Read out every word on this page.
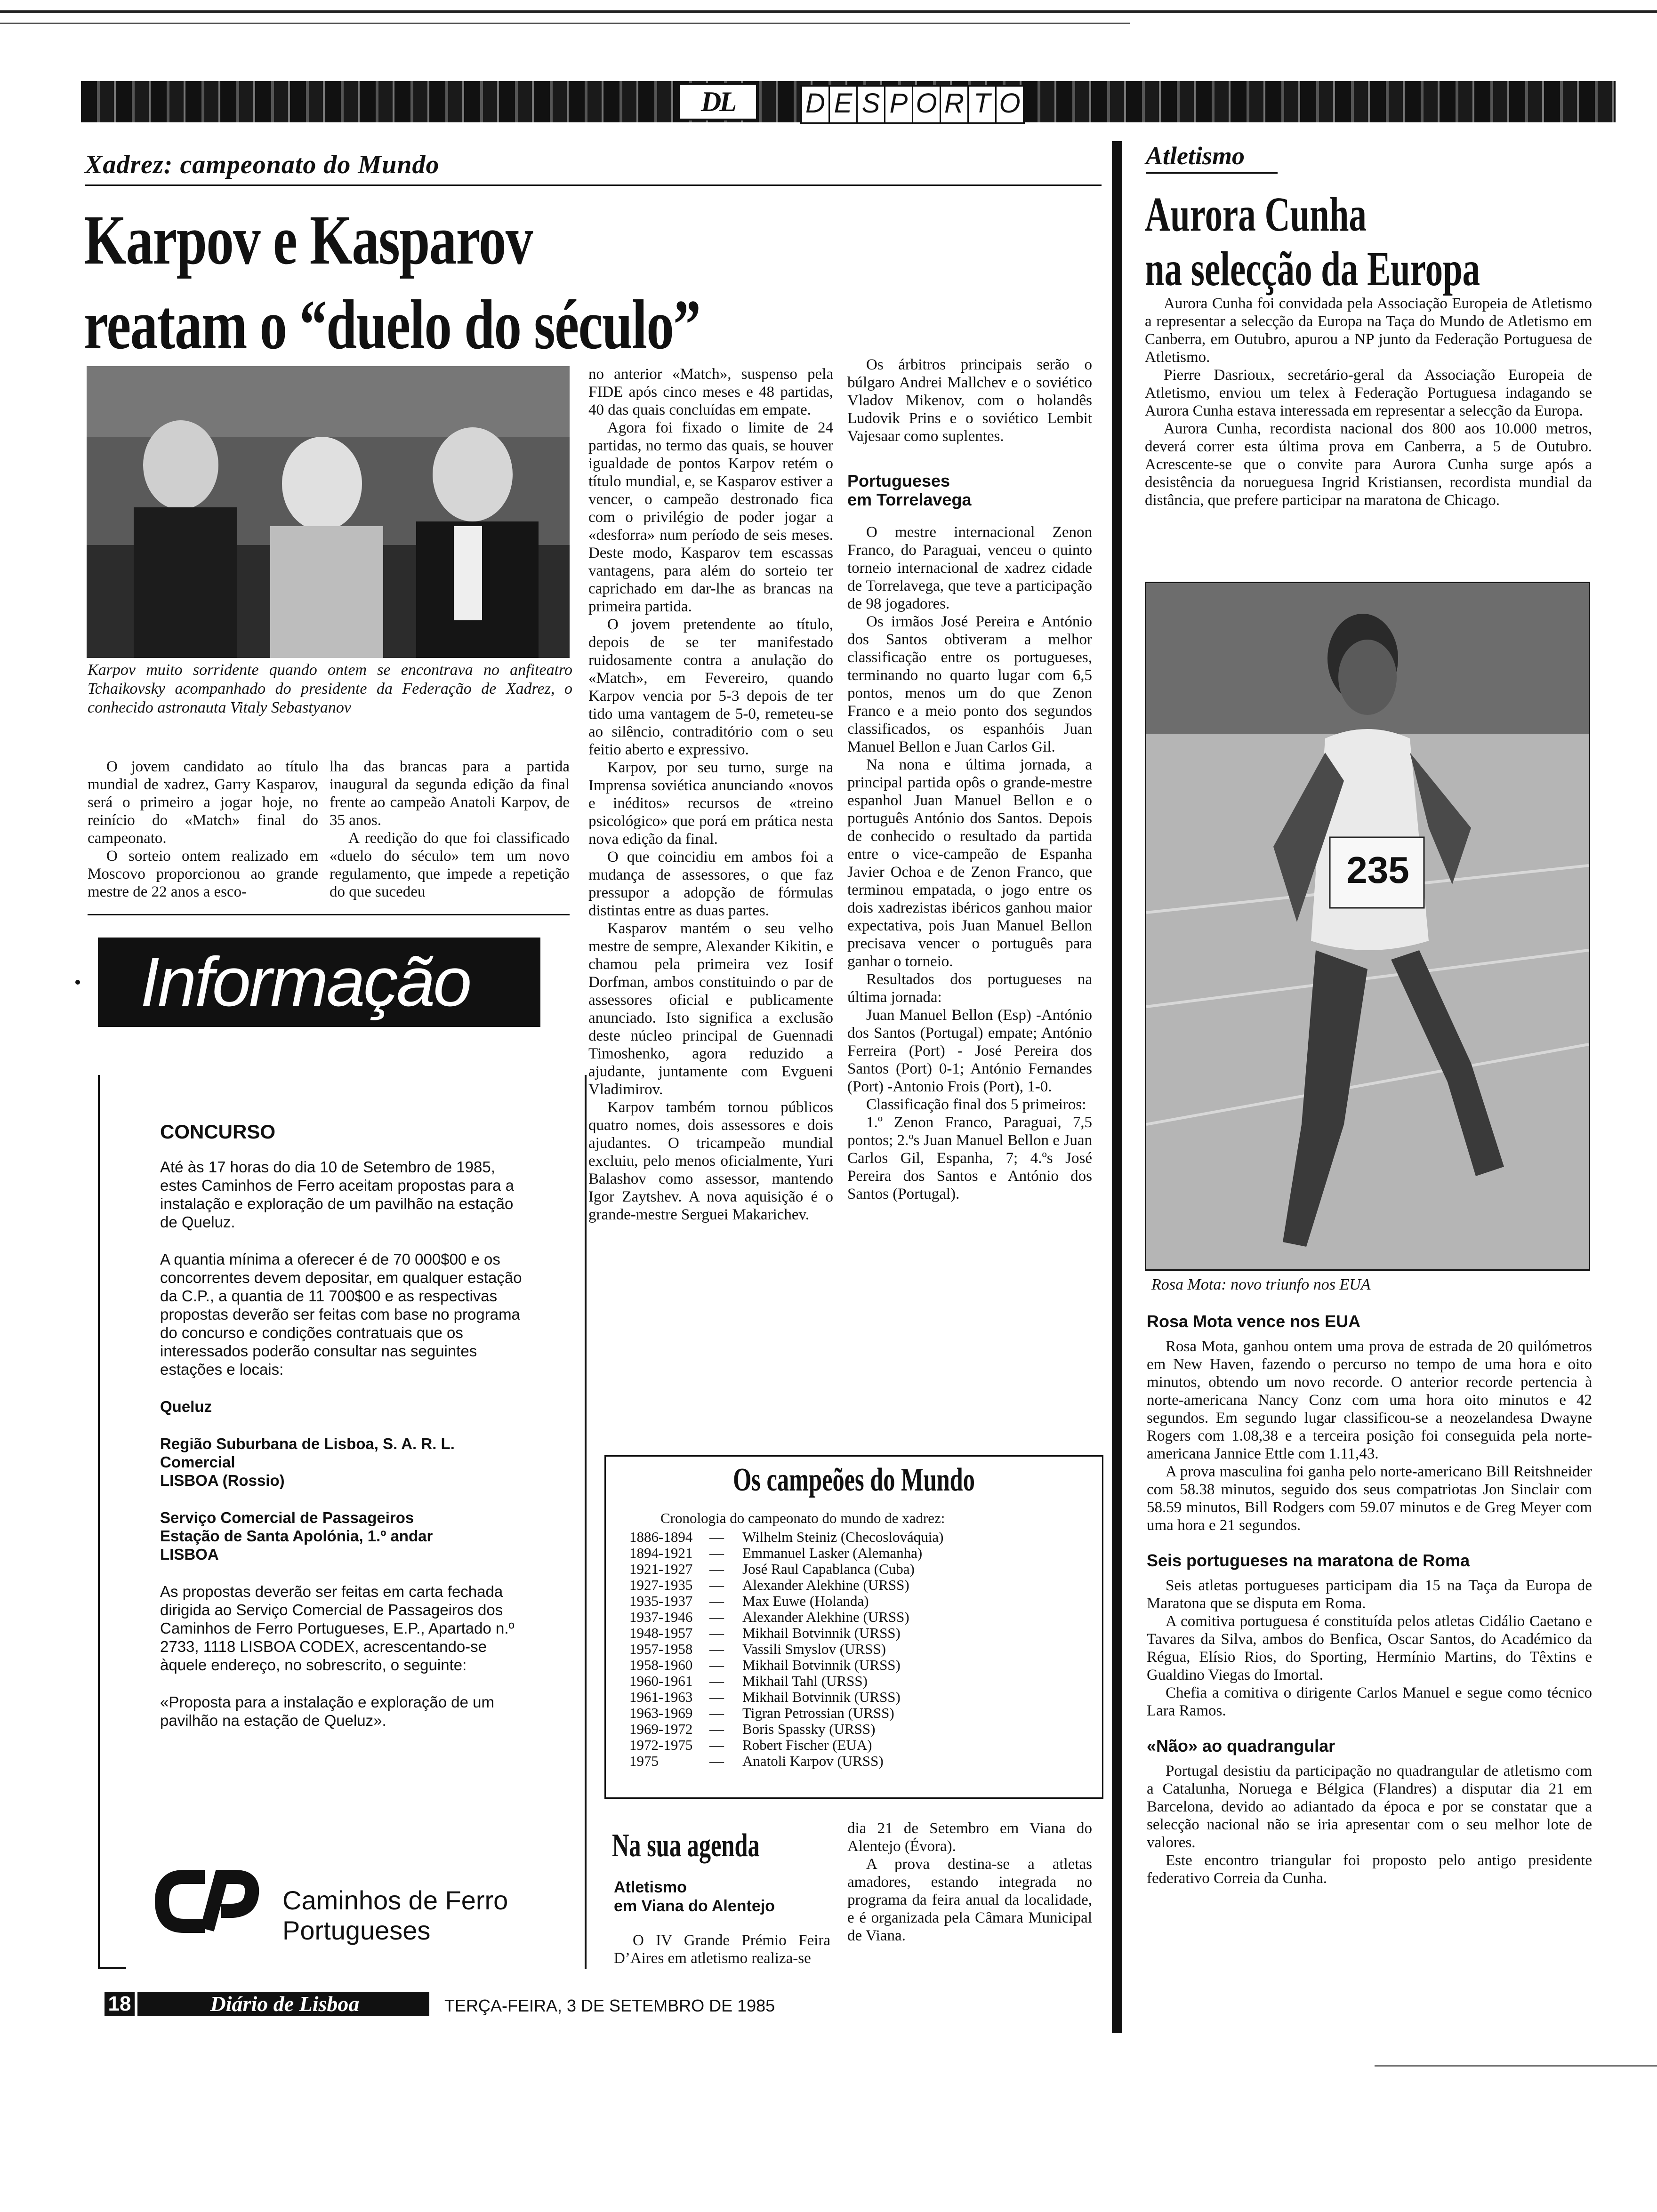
DL	D E S P O R T O
Xadrez: campeonato do Mundo
Karpov e Kasparov
reatam o “duelo do século”
Karpov muito sorridente quando ontem se encontrava no anfiteatro Tchaikovsky acompanhado do presidente da Federação de Xadrez, o conhecido astronauta Vitaly Sebastyanov

O jovem candidato ao título mundial de xadrez, Garry Kasparov, será o primeiro a jogar hoje, no reinício do «Match» final do campeonato.

O sorteio ontem realizado em Moscovo proporcionou ao grande mestre de 22 anos a esco-

lha das brancas para a partida inaugural da segunda edição da final frente ao campeão Anatoli Karpov, de 35 anos.

A reedição do que foi classificado «duelo do século» tem um novo regulamento, que impede a repetição do que sucedeu

no anterior «Match», suspenso pela FIDE após cinco meses e 48 partidas, 40 das quais concluídas em empate.

Agora foi fixado o limite de 24 partidas, no termo das quais, se houver igualdade de pontos Karpov retém o título mundial, e, se Kasparov estiver a vencer, o campeão destronado fica com o privilégio de poder jogar a «desforra» num período de seis meses. Deste modo, Kasparov tem escassas vantagens, para além do sorteio ter caprichado em dar-lhe as brancas na primeira partida.

O jovem pretendente ao título, depois de se ter manifestado ruidosamente contra a anulação do «Match», em Fevereiro, quando Karpov vencia por 5-3 depois de ter tido uma vantagem de 5-0, remeteu-se ao silêncio, contraditório com o seu feitio aberto e expressivo.

Karpov, por seu turno, surge na Imprensa soviética anunciando «novos e inéditos» recursos de «treino psicológico» que porá em prática nesta nova edição da final.

O que coincidiu em ambos foi a mudança de assessores, o que faz pressupor a adopção de fórmulas distintas entre as duas partes.

Kasparov mantém o seu velho mestre de sempre, Alexander Kikitin, e chamou pela primeira vez Iosif Dorfman, ambos constituindo o par de assessores oficial e publicamente anunciado. Isto significa a exclusão deste núcleo principal de Guennadi Timoshenko, agora reduzido a ajudante, juntamente com Evgueni Vladimirov.

Karpov também tornou públicos quatro nomes, dois assessores e dois ajudantes. O tricampeão mundial excluiu, pelo menos oficialmente, Yuri Balashov como assessor, mantendo Igor Zaytshev. A nova aquisição é o grande-mestre Serguei Makarichev.

Os árbitros principais serão o búlgaro Andrei Mallchev e o soviético Vladov Mikenov, com o holandês Ludovik Prins e o soviético Lembit Vajesaar como suplentes.

Portugueses
em Torrelavega

O mestre internacional Zenon Franco, do Paraguai, venceu o quinto torneio internacional de xadrez cidade de Torrelavega, que teve a participação de 98 jogadores.

Os irmãos José Pereira e António dos Santos obtiveram a melhor classificação entre os portugueses, terminando no quarto lugar com 6,5 pontos, menos um do que Zenon Franco e a meio ponto dos segundos classificados, os espanhóis Juan Manuel Bellon e Juan Carlos Gil.

Na nona e última jornada, a principal partida opôs o grande-mestre espanhol Juan Manuel Bellon e o português António dos Santos. Depois de conhecido o resultado da partida entre o vice-campeão de Espanha Javier Ochoa e de Zenon Franco, que terminou empatada, o jogo entre os dois xadrezistas ibéricos ganhou maior expectativa, pois Juan Manuel Bellon precisava vencer o português para ganhar o torneio.

Resultados dos portugueses na última jornada:

Juan Manuel Bellon (Esp) -António dos Santos (Portugal) empate; António Ferreira (Port) - José Pereira dos Santos (Port) 0-1; António Fernandes (Port) -Antonio Frois (Port), 1-0.

Classificação final dos 5 primeiros:

1.º Zenon Franco, Paraguai, 7,5 pontos; 2.ºs Juan Manuel Bellon e Juan Carlos Gil, Espanha, 7; 4.ºs José Pereira dos Santos e António dos Santos (Portugal).

Os campeões do Mundo
Cronologia do campeonato do mundo de xadrez:
1886-1894	—	Wilhelm Steiniz (Checoslováquia)
1894-1921	—	Emmanuel Lasker (Alemanha)
1921-1927	—	José Raul Capablanca (Cuba)
1927-1935	—	Alexander Alekhine (URSS)
1935-1937	—	Max Euwe (Holanda)
1937-1946	—	Alexander Alekhine (URSS)
1948-1957	—	Mikhail Botvinnik (URSS)
1957-1958	—	Vassili Smyslov (URSS)
1958-1960	—	Mikhail Botvinnik (URSS)
1960-1961	—	Mikhail Tahl (URSS)
1961-1963	—	Mikhail Botvinnik (URSS)
1963-1969	—	Tigran Petrossian (URSS)
1969-1972	—	Boris Spassky (URSS)
1972-1975	—	Robert Fischer (EUA)
1975	—	Anatoli Karpov (URSS)
Na sua agenda
Atletismo
em Viana do Alentejo

O IV Grande Prémio Feira D’Aires em atletismo realiza-se

dia 21 de Setembro em Viana do Alentejo (Évora).

A prova destina-se a atletas amadores, estando integrada no programa da feira anual da localidade, e é organizada pela Câmara Municipal de Viana.

Informação
CONCURSO
Até às 17 horas do dia 10 de Setembro de 1985, estes Caminhos de Ferro aceitam propostas para a instalação e exploração de um pavilhão na estação de Queluz.
A quantia mínima a oferecer é de 70 000$00 e os concorrentes devem depositar, em qualquer estação da C.P., a quantia de 11 700$00 e as respectivas propostas deverão ser feitas com base no programa do concurso e condições contratuais que os interessados poderão consultar nas seguintes estações e locais:
Queluz
Região Suburbana de Lisboa, S. A. R. L.
Comercial
LISBOA (Rossio)
Serviço Comercial de Passageiros
Estação de Santa Apolónia, 1.º andar
LISBOA
As propostas deverão ser feitas em carta fechada dirigida ao Serviço Comercial de Passageiros dos Caminhos de Ferro Portugueses, E.P., Apartado n.º 2733, 1118 LISBOA CODEX, acrescentando-se àquele endereço, no sobrescrito, o seguinte:
«Proposta para a instalação e exploração de um pavilhão na estação de Queluz».
Caminhos de Ferro
Portugueses
Atletismo
Aurora Cunha
na selecção da Europa

Aurora Cunha foi convidada pela Associação Europeia de Atletismo a representar a selecção da Europa na Taça do Mundo de Atletismo em Canberra, em Outubro, apurou a NP junto da Federação Portuguesa de Atletismo.

Pierre Dasrioux, secretário-geral da Associação Europeia de Atletismo, enviou um telex à Federação Portuguesa indagando se Aurora Cunha estava interessada em representar a selecção da Europa.

Aurora Cunha, recordista nacional dos 800 aos 10.000 metros, deverá correr esta última prova em Canberra, a 5 de Outubro. Acrescente-se que o convite para Aurora Cunha surge após a desistência da norueguesa Ingrid Kristiansen, recordista mundial da distância, que prefere participar na maratona de Chicago.

235
Rosa Mota: novo triunfo nos EUA
Rosa Mota vence nos EUA

Rosa Mota, ganhou ontem uma prova de estrada de 20 quilómetros em New Haven, fazendo o percurso no tempo de uma hora e oito minutos, obtendo um novo recorde. O anterior recorde pertencia à norte-americana Nancy Conz com uma hora oito minutos e 42 segundos. Em segundo lugar classificou-se a neozelandesa Dwayne Rogers com 1.08,38 e a terceira posição foi conseguida pela norte-americana Jannice Ettle com 1.11,43.

A prova masculina foi ganha pelo norte-americano Bill Reitshneider com 58.38 minutos, seguido dos seus compatriotas Jon Sinclair com 58.59 minutos, Bill Rodgers com 59.07 minutos e de Greg Meyer com uma hora e 21 segundos.

Seis portugueses na maratona de Roma

Seis atletas portugueses participam dia 15 na Taça da Europa de Maratona que se disputa em Roma.

A comitiva portuguesa é constituída pelos atletas Cidálio Caetano e Tavares da Silva, ambos do Benfica, Oscar Santos, do Académico da Régua, Elísio Rios, do Sporting, Hermínio Martins, do Têxtins e Gualdino Viegas do Imortal.

Chefia a comitiva o dirigente Carlos Manuel e segue como técnico Lara Ramos.

«Não» ao quadrangular

Portugal desistiu da participação no quadrangular de atletismo com a Catalunha, Noruega e Bélgica (Flandres) a disputar dia 21 em Barcelona, devido ao adiantado da época e por se constatar que a selecção nacional não se iria apresentar com o seu melhor lote de valores.

Este encontro triangular foi proposto pelo antigo presidente federativo Correia da Cunha.

18	Diário de Lisboa	TERÇA-FEIRA, 3 DE SETEMBRO DE 1985
